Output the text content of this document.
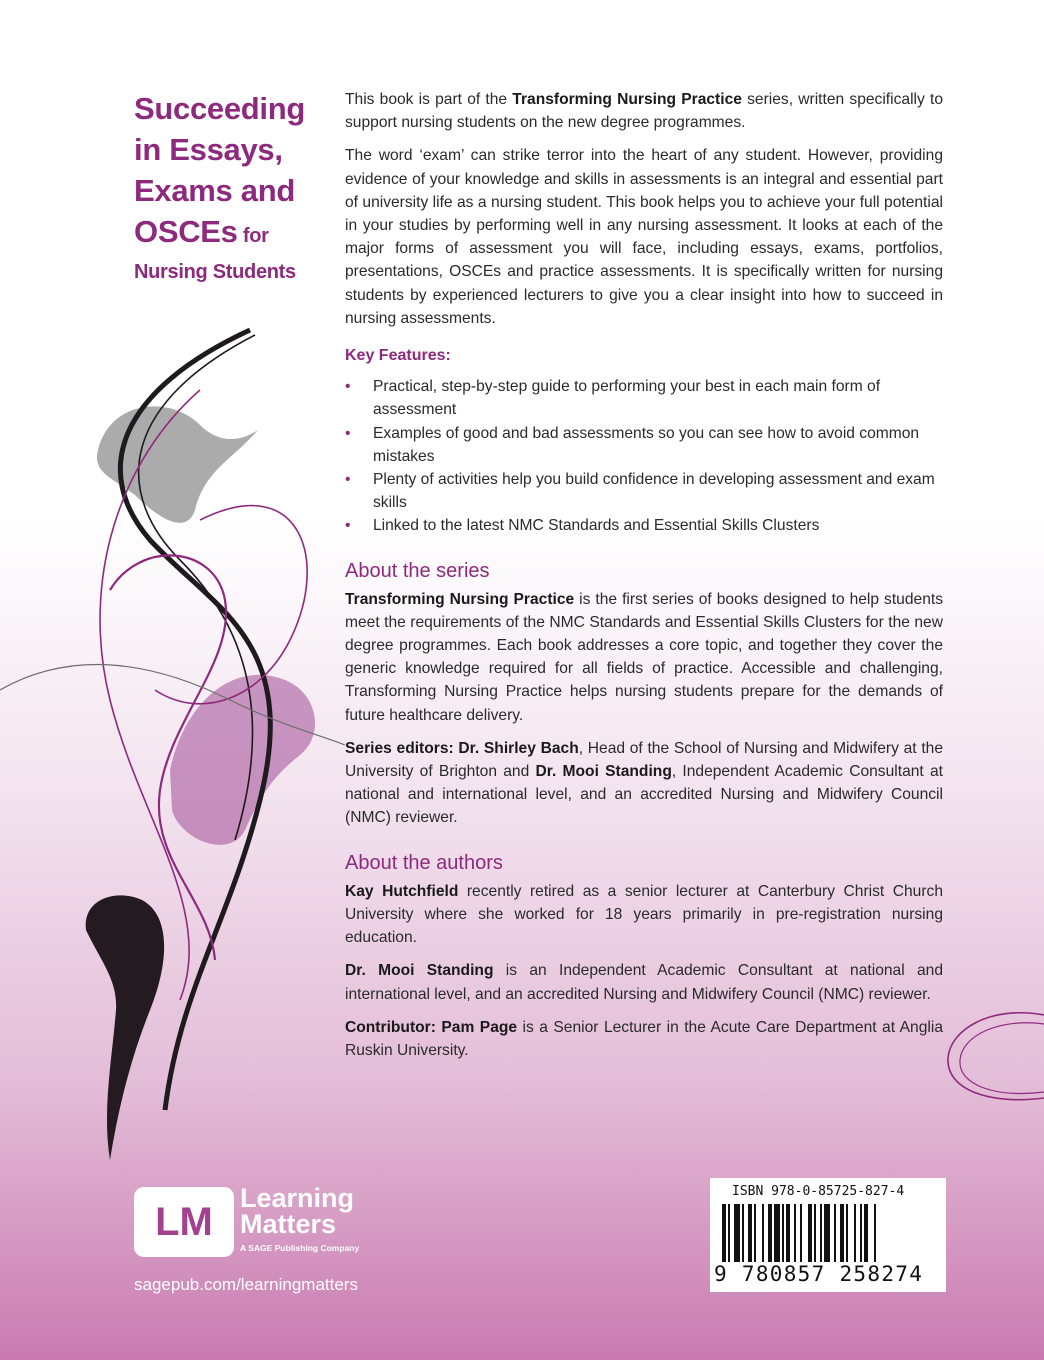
Succeeding
in Essays,
Exams and
OSCEs for
Nursing Students

This book is part of the Transforming Nursing Practice series, written specifically to support nursing students on the new degree programmes.

The word ‘exam’ can strike terror into the heart of any student. However, providing evidence of your knowledge and skills in assessments is an integral and essential part of university life as a nursing student. This book helps you to achieve your full potential in your studies by performing well in any nursing assessment. It looks at each of the major forms of assessment you will face, including essays, exams, portfolios, presentations, OSCEs and practice assessments. It is specifically written for nursing students by experienced lecturers to give you a clear insight into how to succeed in nursing assessments.

Key Features:
• Practical, step-by-step guide to performing your best in each main form of assessment
• Examples of good and bad assessments so you can see how to avoid common mistakes
• Plenty of activities help you build confidence in developing assessment and exam skills
• Linked to the latest NMC Standards and Essential Skills Clusters
About the series

Transforming Nursing Practice is the first series of books designed to help students meet the requirements of the NMC Standards and Essential Skills Clusters for the new degree programmes. Each book addresses a core topic, and together they cover the generic knowledge required for all fields of practice. Accessible and challenging, Transforming Nursing Practice helps nursing students prepare for the demands of future healthcare delivery.

Series editors: Dr. Shirley Bach, Head of the School of Nursing and Midwifery at the University of Brighton and Dr. Mooi Standing, Independent Academic Consultant at national and international level, and an accredited Nursing and Midwifery Council (NMC) reviewer.

About the authors

Kay Hutchfield recently retired as a senior lecturer at Canterbury Christ Church University where she worked for 18 years primarily in pre-registration nursing education.

Dr. Mooi Standing is an Independent Academic Consultant at national and international level, and an accredited Nursing and Midwifery Council (NMC) reviewer.

Contributor: Pam Page is a Senior Lecturer in the Acute Care Department at Anglia Ruskin University.

LM
Learning
Matters
A SAGE Publishing Company
sagepub.com/learningmatters
ISBN 978-0-85725-827-4
9 780857 258274
